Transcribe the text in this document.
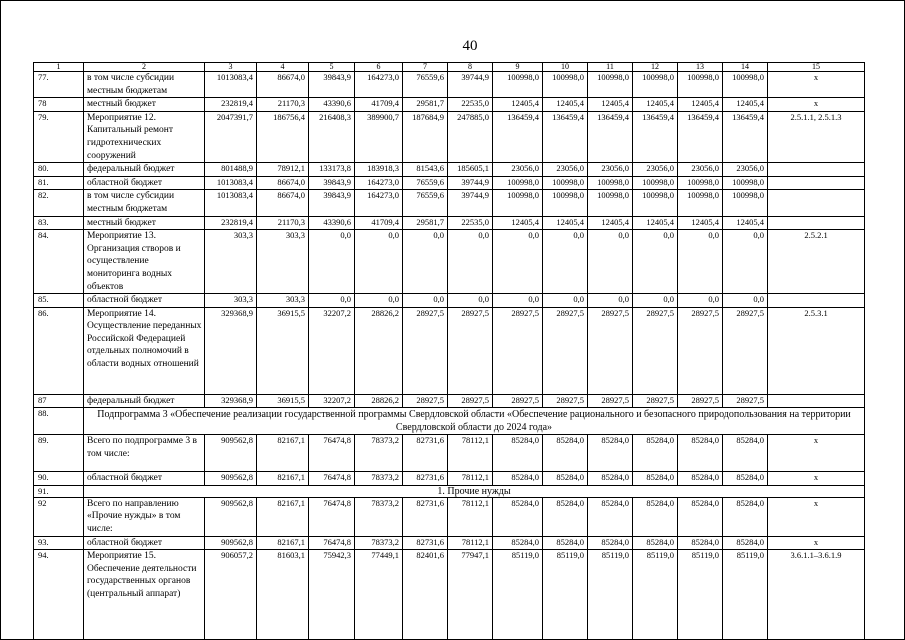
40
1	2	3	4	5	6	7	8	9	10	11	12	13	14	15
77.	в том числе субсидии местным бюджетам	1013083,4	86674,0	39843,9	164273,0	76559,6	39744,9	100998,0	100998,0	100998,0	100998,0	100998,0	100998,0	x
78	местный бюджет	232819,4	21170,3	43390,6	41709,4	29581,7	22535,0	12405,4	12405,4	12405,4	12405,4	12405,4	12405,4	x
79.	Мероприятие 12. Капитальный ремонт гидротехнических сооружений	2047391,7	186756,4	216408,3	389900,7	187684,9	247885,0	136459,4	136459,4	136459,4	136459,4	136459,4	136459,4	2.5.1.1, 2.5.1.3
80.	федеральный бюджет	801488,9	78912,1	133173,8	183918,3	81543,6	185605,1	23056,0	23056,0	23056,0	23056,0	23056,0	23056,0	
81.	областной бюджет	1013083,4	86674,0	39843,9	164273,0	76559,6	39744,9	100998,0	100998,0	100998,0	100998,0	100998,0	100998,0	
82.	в том числе субсидии местным бюджетам	1013083,4	86674,0	39843,9	164273,0	76559,6	39744,9	100998,0	100998,0	100998,0	100998,0	100998,0	100998,0	
83.	местный бюджет	232819,4	21170,3	43390,6	41709,4	29581,7	22535,0	12405,4	12405,4	12405,4	12405,4	12405,4	12405,4	
84.	Мероприятие 13. Организация створов и осуществление мониторинга водных объектов	303,3	303,3	0,0	0,0	0,0	0,0	0,0	0,0	0,0	0,0	0,0	0,0	2.5.2.1
85.	областной бюджет	303,3	303,3	0,0	0,0	0,0	0,0	0,0	0,0	0,0	0,0	0,0	0,0	
86.	Мероприятие 14. Осуществление переданных Российской Федерацией отдельных полномочий в области водных отношений	329368,9	36915,5	32207,2	28826,2	28927,5	28927,5	28927,5	28927,5	28927,5	28927,5	28927,5	28927,5	2.5.3.1
87	федеральный бюджет	329368,9	36915,5	32207,2	28826,2	28927,5	28927,5	28927,5	28927,5	28927,5	28927,5	28927,5	28927,5	
88.	Подпрограмма 3 «Обеспечение реализации государственной программы Свердловской области «Обеспечение рационального и безопасного природопользования на территории Свердловской области до 2024 года»													
89.	Всего по подпрограмме 3 в том числе:	909562,8	82167,1	76474,8	78373,2	82731,6	78112,1	85284,0	85284,0	85284,0	85284,0	85284,0	85284,0	x
90.	областной бюджет	909562,8	82167,1	76474,8	78373,2	82731,6	78112,1	85284,0	85284,0	85284,0	85284,0	85284,0	85284,0	x
91.	1. Прочие нужды													
92	Всего по направлению «Прочие нужды» в том числе:	909562,8	82167,1	76474,8	78373,2	82731,6	78112,1	85284,0	85284,0	85284,0	85284,0	85284,0	85284,0	x
93.	областной бюджет	909562,8	82167,1	76474,8	78373,2	82731,6	78112,1	85284,0	85284,0	85284,0	85284,0	85284,0	85284,0	x
94.	Мероприятие 15. Обеспечение деятельности государственных органов (центральный аппарат)	906057,2	81603,1	75942,3	77449,1	82401,6	77947,1	85119,0	85119,0	85119,0	85119,0	85119,0	85119,0	3.6.1.1–3.6.1.9
